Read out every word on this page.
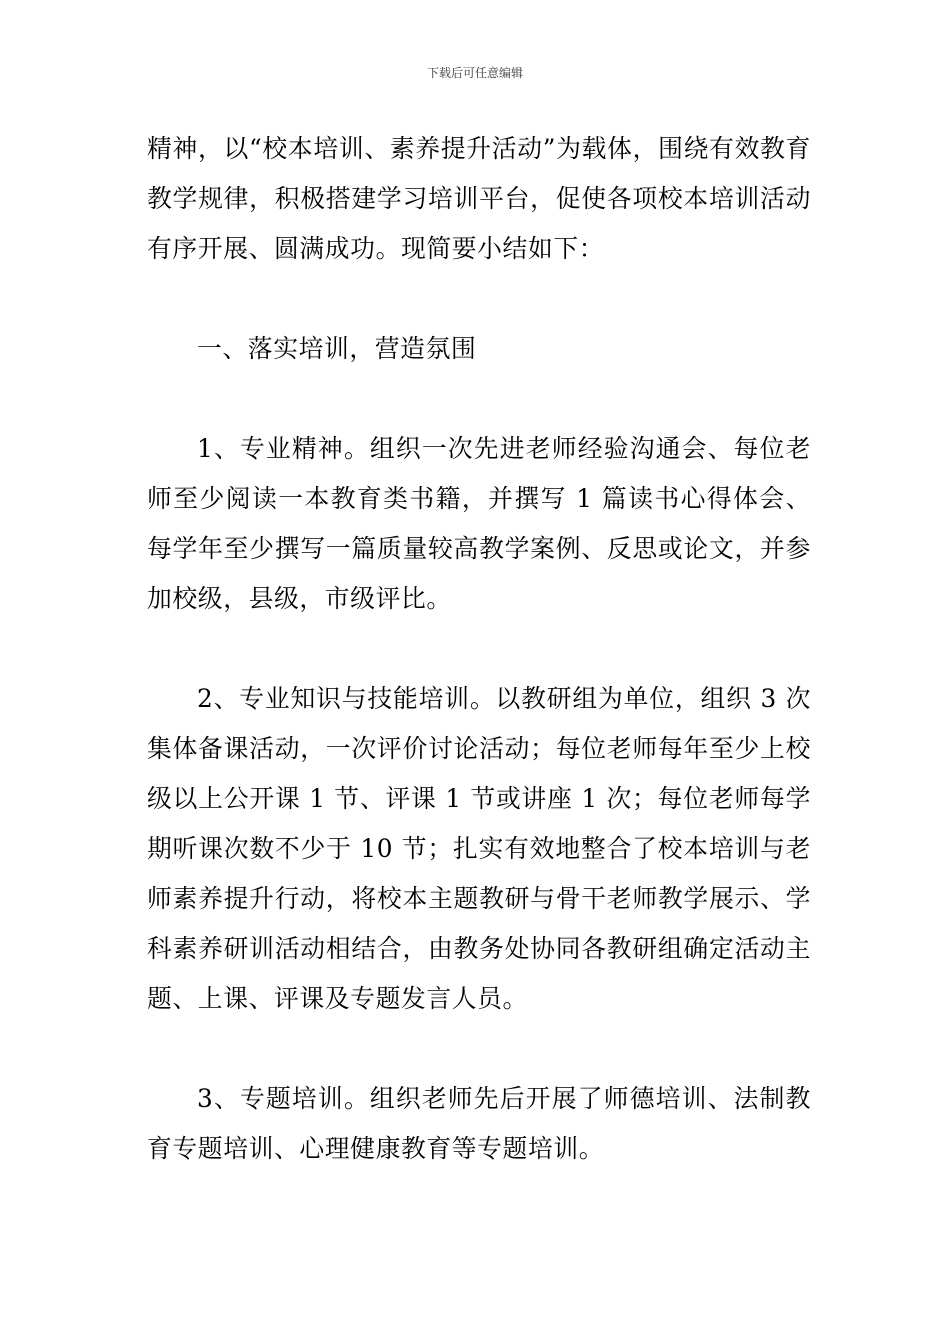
下载后可任意编辑

精神，以“校本培训、素养提升活动”为载体，围绕有效教育教学规律，积极搭建学习培训平台，促使各项校本培训活动有序开展、圆满成功。现简要小结如下：

一、落实培训，营造氛围

1、专业精神。组织一次先进老师经验沟通会、每位老师至少阅读一本教育类书籍，并撰写 1 篇读书心得体会、每学年至少撰写一篇质量较高教学案例、反思或论文，并参加校级，县级，市级评比。

2、专业知识与技能培训。以教研组为单位，组织 3 次集体备课活动，一次评价讨论活动；每位老师每年至少上校级以上公开课 1 节、评课 1 节或讲座 1 次；每位老师每学期听课次数不少于 10 节；扎实有效地整合了校本培训与老师素养提升行动，将校本主题教研与骨干老师教学展示、学科素养研训活动相结合，由教务处协同各教研组确定活动主题、上课、评课及专题发言人员。

3、专题培训。组织老师先后开展了师德培训、法制教育专题培训、心理健康教育等专题培训。
